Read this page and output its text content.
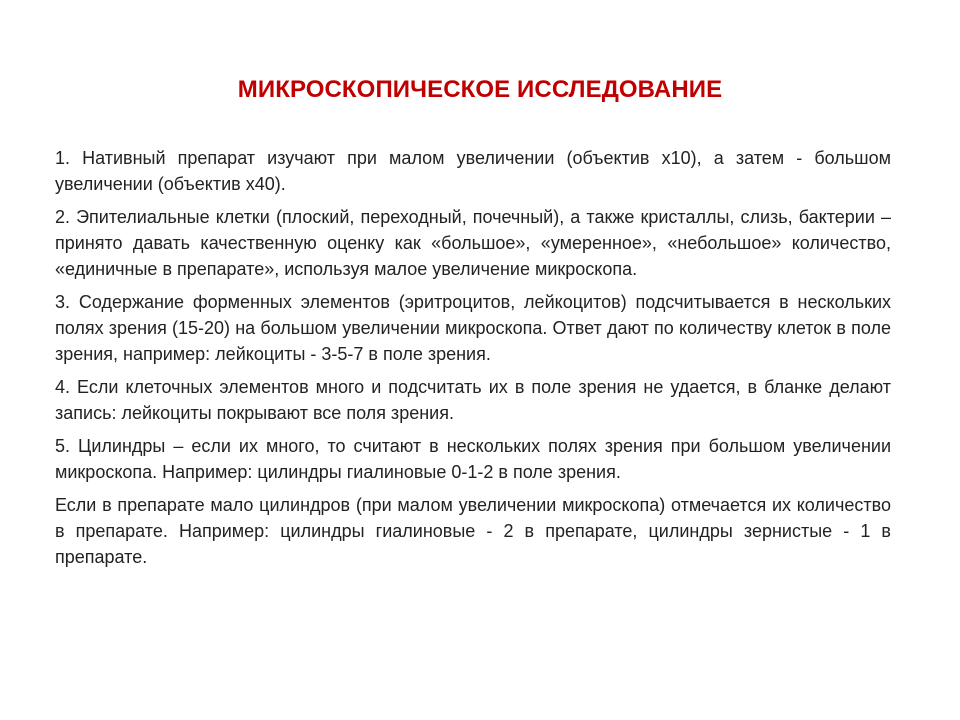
МИКРОСКОПИЧЕСКОЕ ИССЛЕДОВАНИЕ

1. Нативный препарат изучают при малом увеличении (объектив х10), а затем - большом увеличении (объектив х40).

2. Эпителиальные клетки (плоский, переходный, почечный), а также кристаллы, слизь, бактерии – принято давать качественную оценку как «большое», «умеренное», «небольшое» количество, «единичные в препарате», используя малое увеличение микроскопа.

3. Содержание форменных элементов (эритроцитов, лейкоцитов) подсчитывается в нескольких полях зрения (15-20) на большом увеличении микроскопа. Ответ дают по количеству клеток в поле зрения, например: лейкоциты - 3-5-7 в поле зрения.

4. Если клеточных элементов много и подсчитать их в поле зрения не удается, в бланке делают запись: лейкоциты покрывают все поля зрения.

5. Цилиндры – если их много, то считают в нескольких полях зрения при большом увеличении микроскопа. Например: цилиндры гиалиновые 0-1-2 в поле зрения.

Если в препарате мало цилиндров (при малом увеличении микроскопа) отмечается их количество в препарате. Например: цилиндры гиалиновые - 2 в препарате, цилиндры зернистые - 1 в препарате.
